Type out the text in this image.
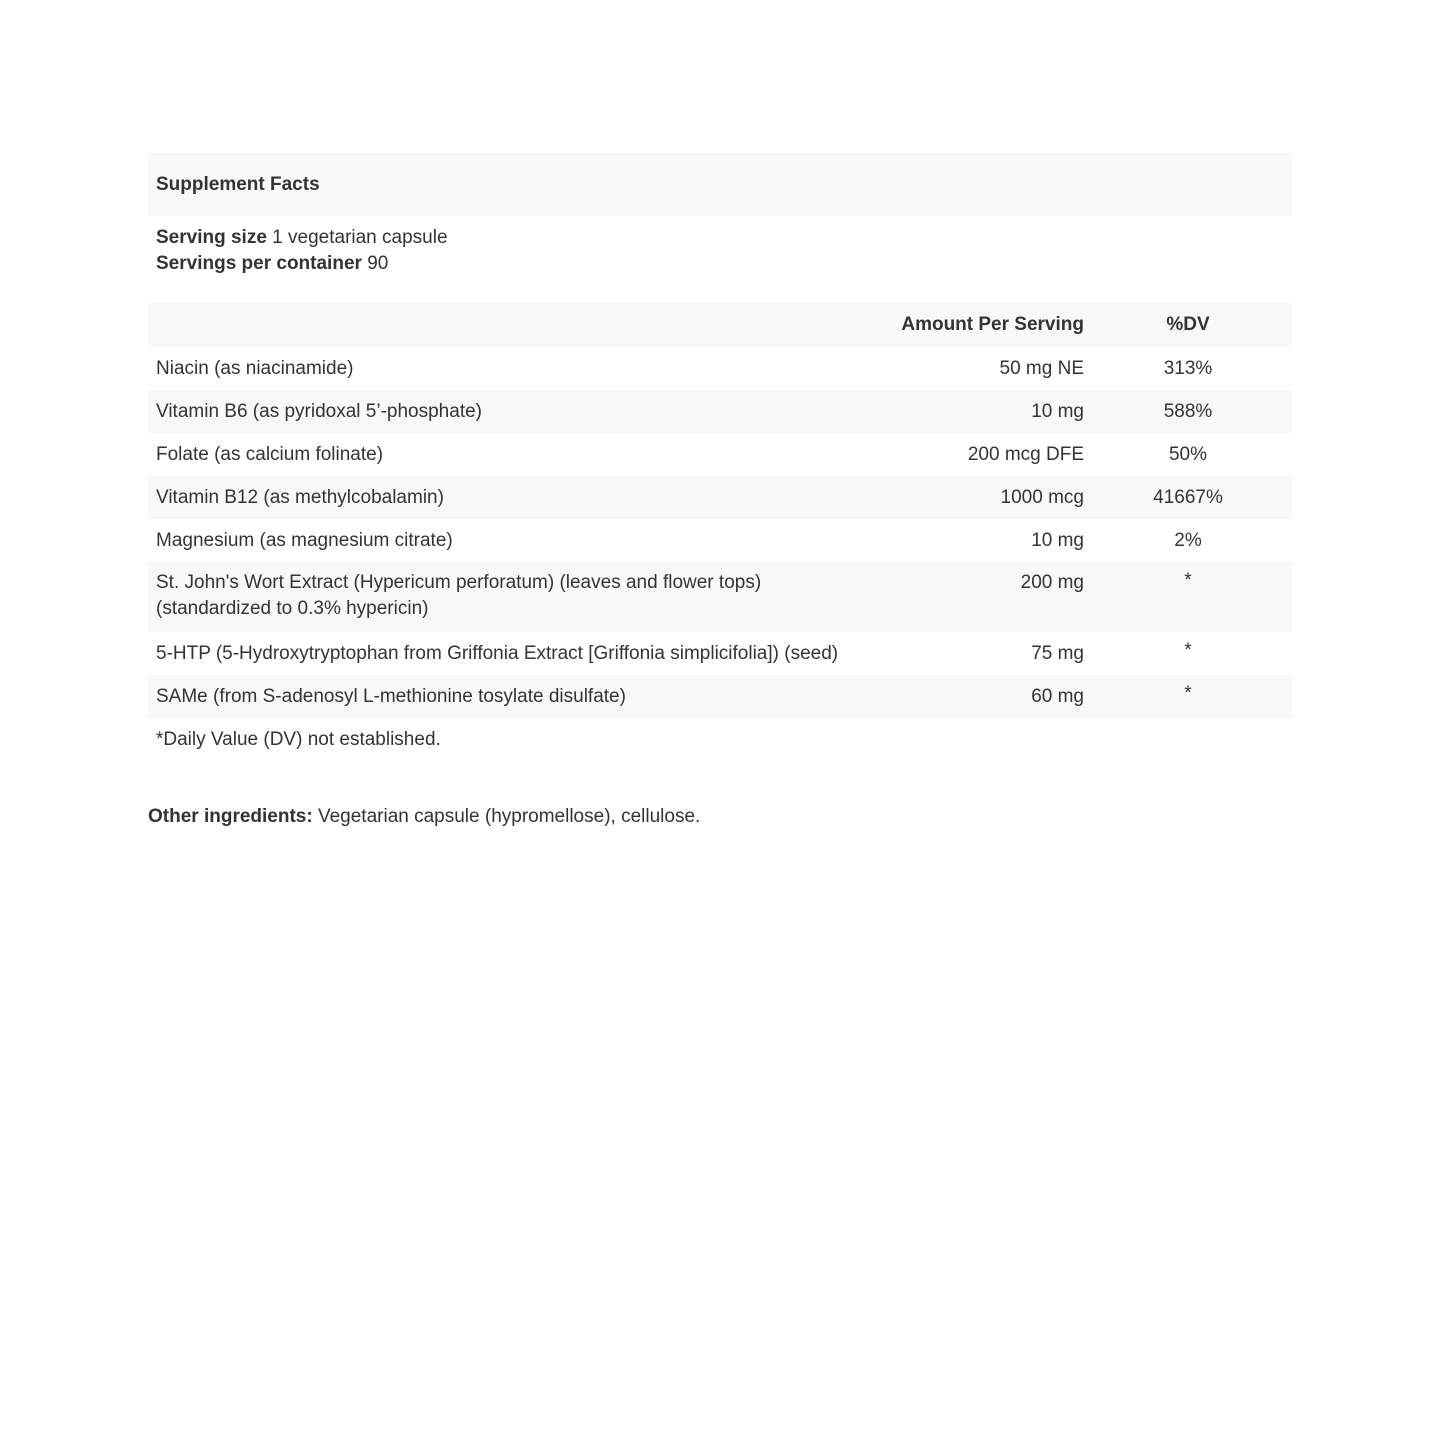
Supplement Facts
Serving size 1 vegetarian capsule
Servings per container 90
	Amount Per Serving	%DV
Niacin (as niacinamide)	50 mg NE	313%
Vitamin B6 (as pyridoxal 5’-phosphate)	10 mg	588%
Folate (as calcium folinate)	200 mcg DFE	50%
Vitamin B12 (as methylcobalamin)	1000 mcg	41667%
Magnesium (as magnesium citrate)	10 mg	2%

St. John's Wort Extract (Hypericum perforatum) (leaves and flower tops)
(standardized to 0.3% hypericin)	200 mg	*
5-HTP (5-Hydroxytryptophan from Griffonia Extract [Griffonia simplicifolia]) (seed)	75 mg	*
SAMe (from S-adenosyl L-methionine tosylate disulfate)	60 mg	*
*Daily Value (DV) not established.
Other ingredients: Vegetarian capsule (hypromellose), cellulose.
